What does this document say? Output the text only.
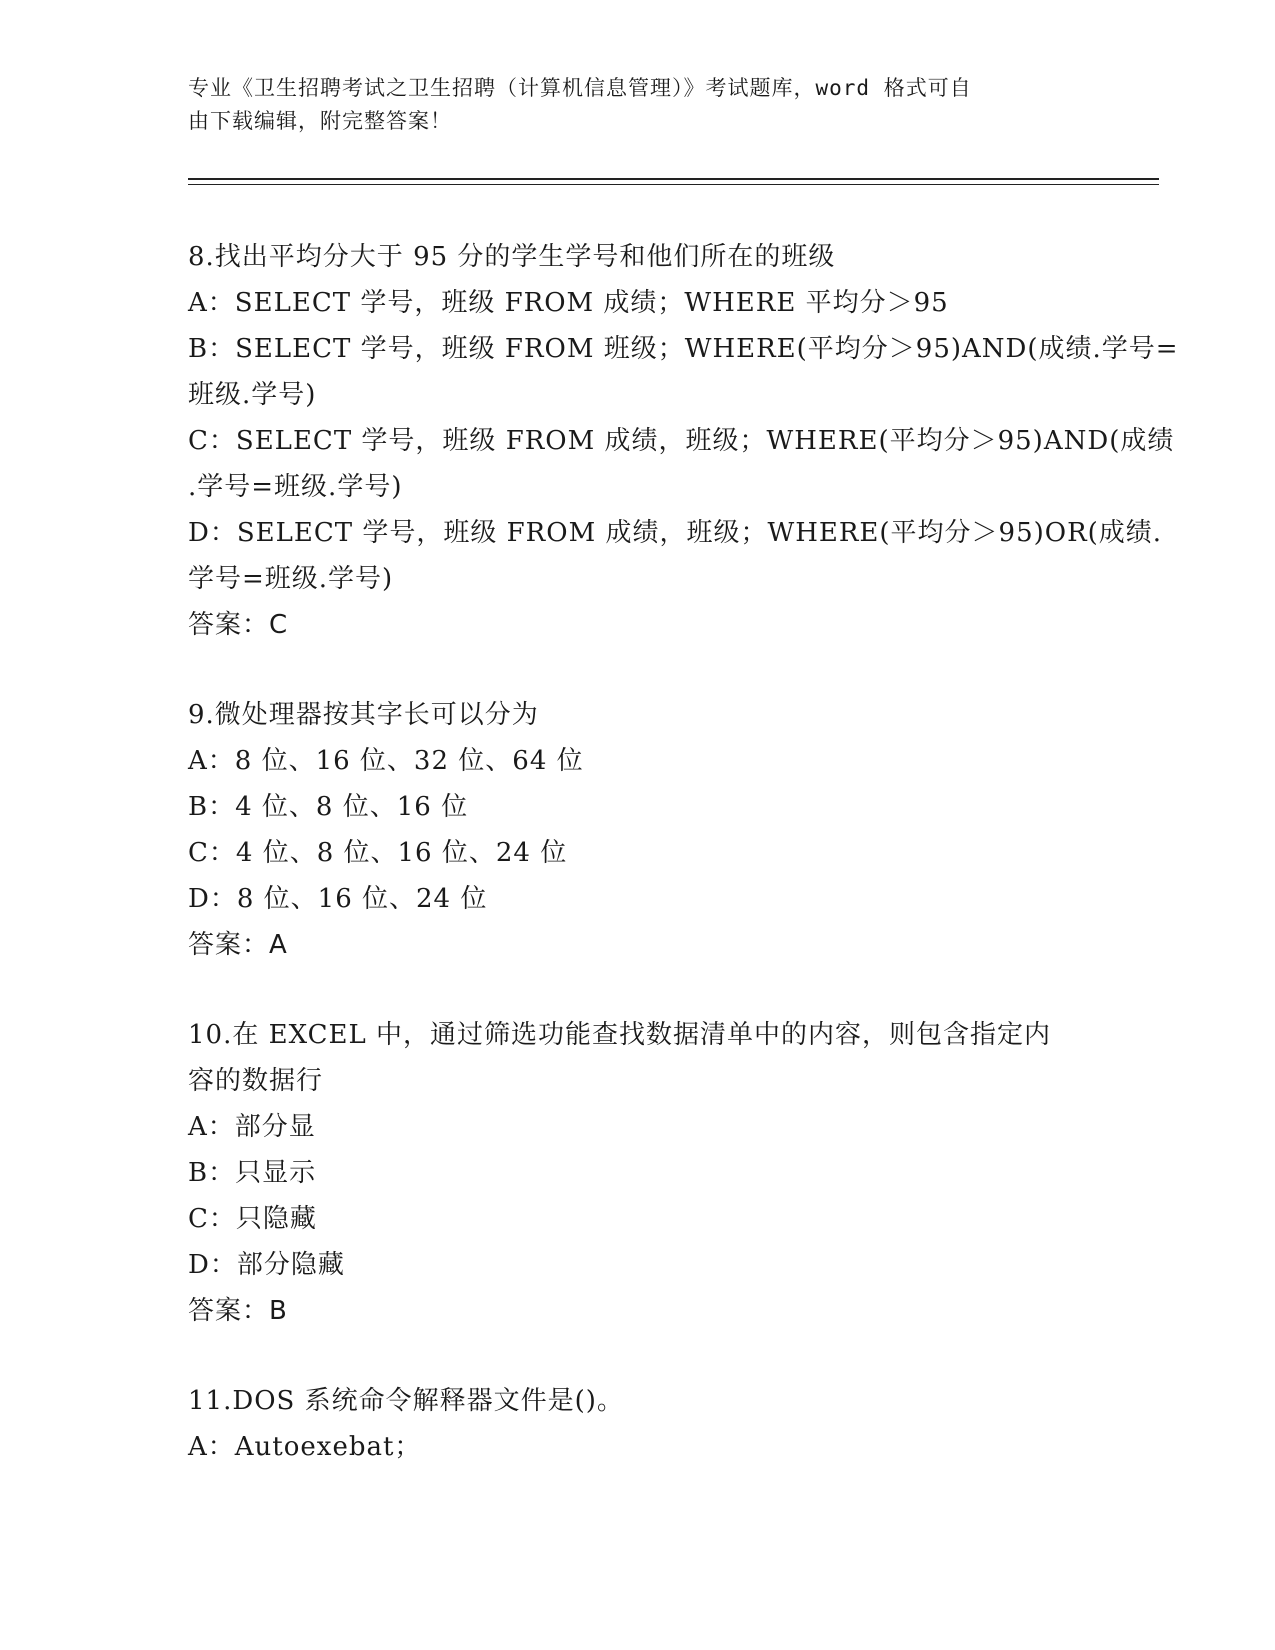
专业《卫生招聘考试之卫生招聘（计算机信息管理）》考试题库，word 格式可自
由下载编辑，附完整答案！
8.找出平均分大于 95 分的学生学号和他们所在的班级
A：SELECT 学号，班级 FROM 成绩；WHERE 平均分＞95
B：SELECT 学号，班级 FROM 班级；WHERE(平均分＞95)AND(成绩.学号=
班级.学号)
C：SELECT 学号，班级 FROM 成绩，班级；WHERE(平均分＞95)AND(成绩
.学号=班级.学号)
D：SELECT 学号，班级 FROM 成绩，班级；WHERE(平均分＞95)OR(成绩.
学号=班级.学号)
答案：C
9.微处理器按其字长可以分为
A：8 位、16 位、32 位、64 位
B：4 位、8 位、16 位
C：4 位、8 位、16 位、24 位
D：8 位、16 位、24 位
答案：A
10.在 EXCEL 中，通过筛选功能查找数据清单中的内容，则包含指定内
容的数据行
A：部分显
B：只显示
C：只隐藏
D：部分隐藏
答案：B
11.DOS 系统命令解释器文件是()。
A：Autoexebat；
